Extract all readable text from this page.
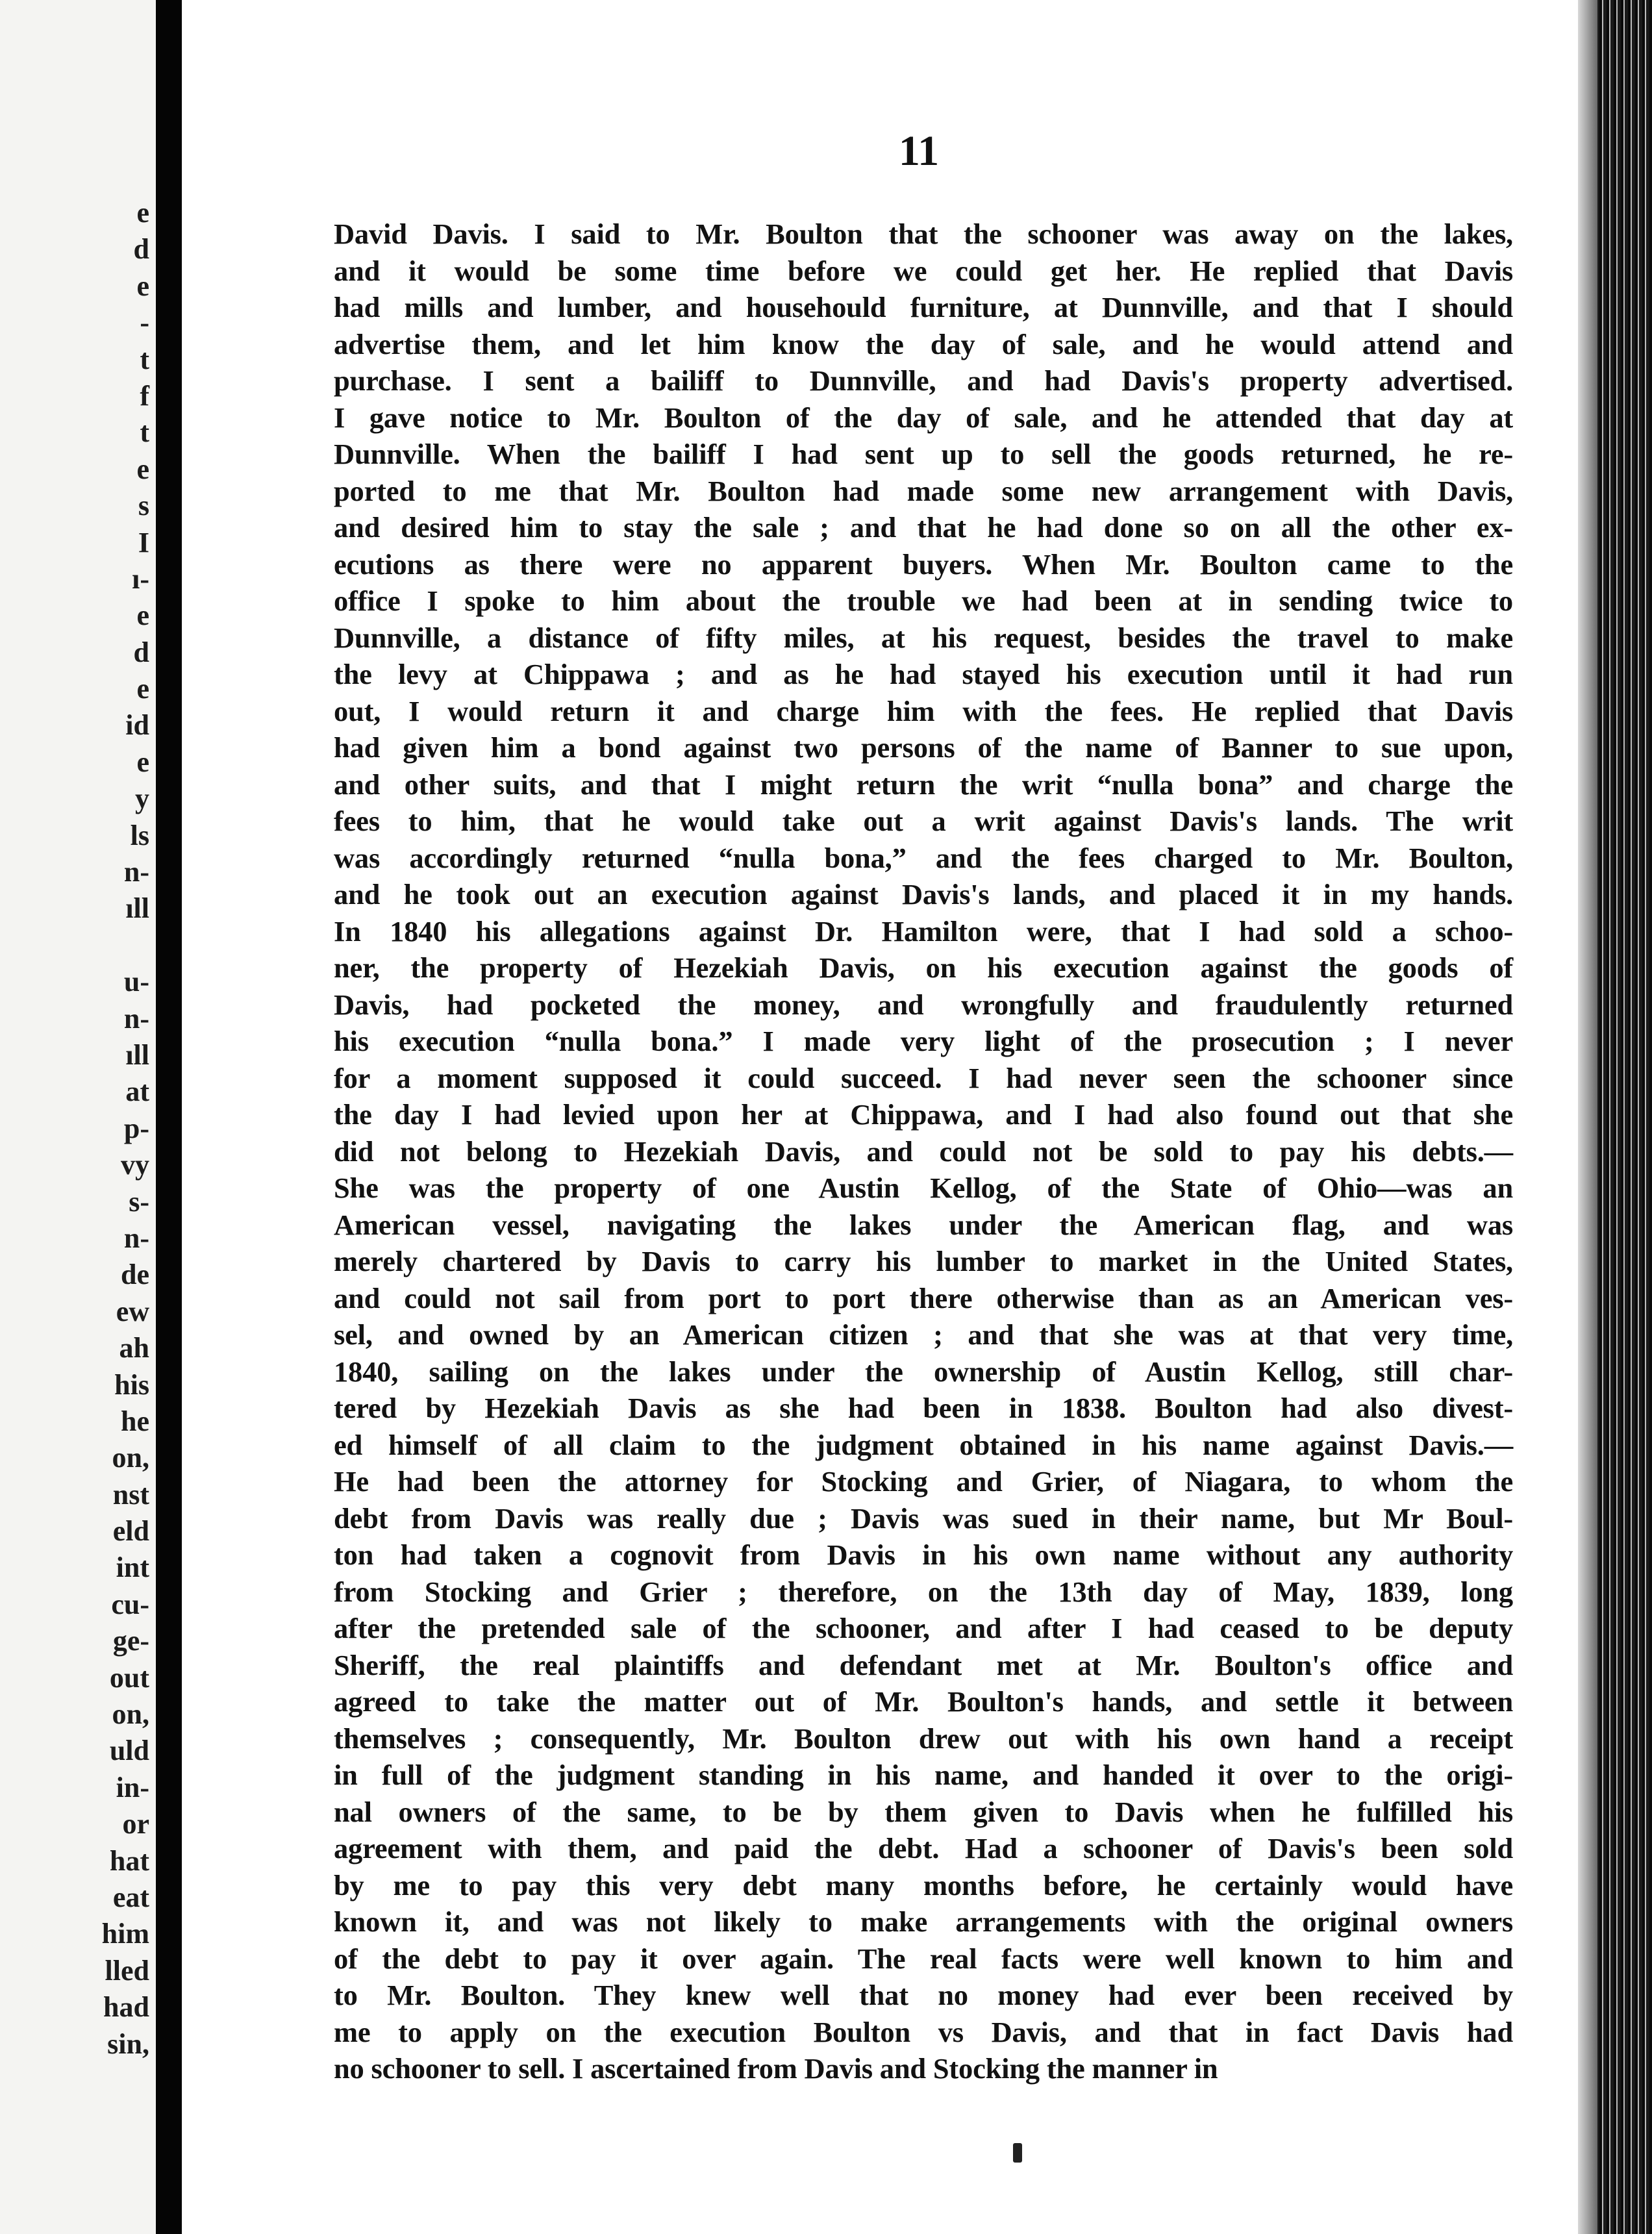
e
d
e
-
t
f
t
e
s
I
ı-
e
d
e
id
e
y
ls
n-
ıll
u-
n-
ıll
at
p-
vy
s-
n-
de
ew
ah
his
he
on,
nst
eld
int
cu-
ge-
out
on,
uld
in-
or
hat
eat
him
lled
had
sin,
11
David Davis. I said to Mr. Boulton that the schooner was away on the lakes,
and it would be some time before we could get her. He replied that Davis
had mills and lumber, and househould furniture, at Dunnville, and that I should
advertise them, and let him know the day of sale, and he would attend and
purchase. I sent a bailiff to Dunnville, and had Davis's property advertised.
I gave notice to Mr. Boulton of the day of sale, and he attended that day at
Dunnville. When the bailiff I had sent up to sell the goods returned, he re-
ported to me that Mr. Boulton had made some new arrangement with Davis,
and desired him to stay the sale ; and that he had done so on all the other ex-
ecutions as there were no apparent buyers. When Mr. Boulton came to the
office I spoke to him about the trouble we had been at in sending twice to
Dunnville, a distance of fifty miles, at his request, besides the travel to make
the levy at Chippawa ; and as he had stayed his execution until it had run
out, I would return it and charge him with the fees. He replied that Davis
had given him a bond against two persons of the name of Banner to sue upon,
and other suits, and that I might return the writ “nulla bona” and charge the
fees to him, that he would take out a writ against Davis's lands. The writ
was accordingly returned “nulla bona,” and the fees charged to Mr. Boulton,
and he took out an execution against Davis's lands, and placed it in my hands.
In 1840 his allegations against Dr. Hamilton were, that I had sold a schoo-
ner, the property of Hezekiah Davis, on his execution against the goods of
Davis, had pocketed the money, and wrongfully and fraudulently returned
his execution “nulla bona.” I made very light of the prosecution ; I never
for a moment supposed it could succeed. I had never seen the schooner since
the day I had levied upon her at Chippawa, and I had also found out that she
did not belong to Hezekiah Davis, and could not be sold to pay his debts.—
She was the property of one Austin Kellog, of the State of Ohio—was an
American vessel, navigating the lakes under the American flag, and was
merely chartered by Davis to carry his lumber to market in the United States,
and could not sail from port to port there otherwise than as an American ves-
sel, and owned by an American citizen ; and that she was at that very time,
1840, sailing on the lakes under the ownership of Austin Kellog, still char-
tered by Hezekiah Davis as she had been in 1838. Boulton had also divest-
ed himself of all claim to the judgment obtained in his name against Davis.—
He had been the attorney for Stocking and Grier, of Niagara, to whom the
debt from Davis was really due ; Davis was sued in their name, but Mr Boul-
ton had taken a cognovit from Davis in his own name without any authority
from Stocking and Grier ; therefore, on the 13th day of May, 1839, long
after the pretended sale of the schooner, and after I had ceased to be deputy
Sheriff, the real plaintiffs and defendant met at Mr. Boulton's office and
agreed to take the matter out of Mr. Boulton's hands, and settle it between
themselves ; consequently, Mr. Boulton drew out with his own hand a receipt
in full of the judgment standing in his name, and handed it over to the origi-
nal owners of the same, to be by them given to Davis when he fulfilled his
agreement with them, and paid the debt. Had a schooner of Davis's been sold
by me to pay this very debt many months before, he certainly would have
known it, and was not likely to make arrangements with the original owners
of the debt to pay it over again. The real facts were well known to him and
to Mr. Boulton. They knew well that no money had ever been received by
me to apply on the execution Boulton vs Davis, and that in fact Davis had
no schooner to sell. I ascertained from Davis and Stocking the manner in
